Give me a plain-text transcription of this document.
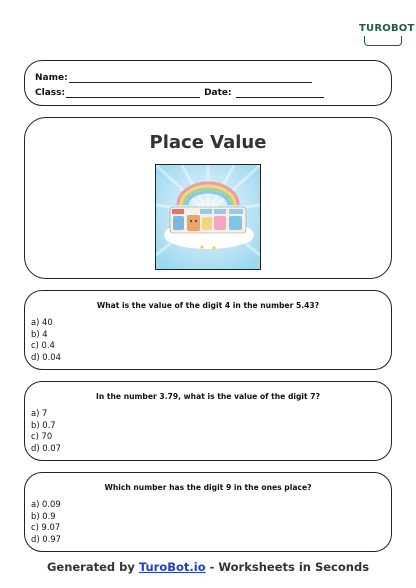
TUROBOT
Name:
Class:	Date:
Place Value
What is the value of the digit 4 in the number 5.43?
a) 40
b) 4
c) 0.4
d) 0.04
In the number 3.79, what is the value of the digit 7?
a) 7
b) 0.7
c) 70
d) 0.07
Which number has the digit 9 in the ones place?
a) 0.09
b) 0.9
c) 9.07
d) 0.97
Generated by TuroBot.io - Worksheets in Seconds
